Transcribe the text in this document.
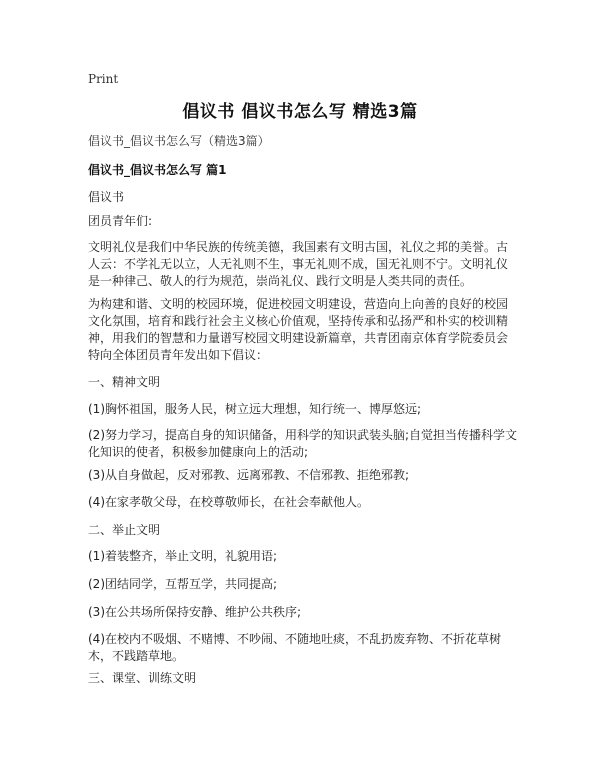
Print
倡议书 倡议书怎么写 精选3篇

倡议书_倡议书怎么写（精选3篇）

倡议书_倡议书怎么写 篇1

倡议书

团员青年们:

文明礼仪是我们中华民族的传统美德，我国素有文明古国，礼仪之邦的美誉。古人云：不学礼无以立，人无礼则不生，事无礼则不成，国无礼则不宁。文明礼仪是一种律己、敬人的行为规范，崇尚礼仪、践行文明是人类共同的责任。

为构建和谐、文明的校园环境，促进校园文明建设，营造向上向善的良好的校园文化氛围，培育和践行社会主义核心价值观，坚持传承和弘扬严和朴实的校训精神，用我们的智慧和力量谱写校园文明建设新篇章，共青团南京体育学院委员会特向全体团员青年发出如下倡议：

一、精神文明

(1)胸怀祖国，服务人民，树立远大理想，知行统一、博厚悠远;

(2)努力学习，提高自身的知识储备，用科学的知识武装头脑;自觉担当传播科学文化知识的使者，积极参加健康向上的活动;

(3)从自身做起，反对邪教、远离邪教、不信邪教、拒绝邪教;

(4)在家孝敬父母，在校尊敬师长，在社会奉献他人。

二、举止文明

(1)着装整齐，举止文明，礼貌用语;

(2)团结同学，互帮互学，共同提高;

(3)在公共场所保持安静、维护公共秩序;

(4)在校内不吸烟、不赌博、不吵闹、不随地吐痰，不乱扔废弃物、不折花草树木，不践踏草地。

三、课堂、训练文明
